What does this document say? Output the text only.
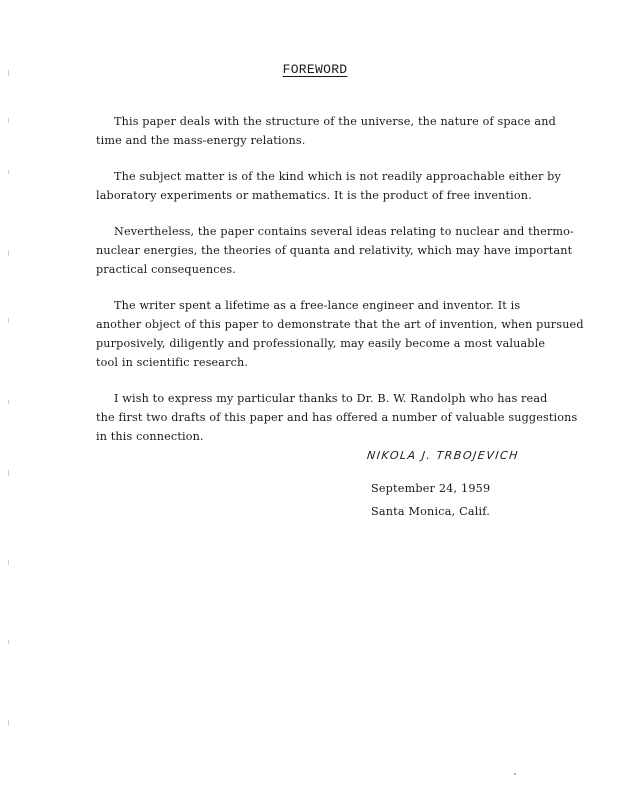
FOREWORD

This paper deals with the structure of the universe, the nature of space and
time and the mass-energy relations.

The subject matter is of the kind which is not readily approachable either by
laboratory experiments or mathematics. It is the product of free invention.

Nevertheless, the paper contains several ideas relating to nuclear and thermo-
nuclear energies, the theories of quanta and relativity, which may have important
practical consequences.

The writer spent a lifetime as a free-lance engineer and inventor. It is
another object of this paper to demonstrate that the art of invention, when pursued
purposively, diligently and professionally, may easily become a most valuable
tool in scientific research.

I wish to express my particular thanks to Dr. B. W. Randolph who has read
the first two drafts of this paper and has offered a number of valuable suggestions
in this connection.

NIKOLA J. TRBOJEVICH
September 24, 1959
Santa Monica, Calif.
